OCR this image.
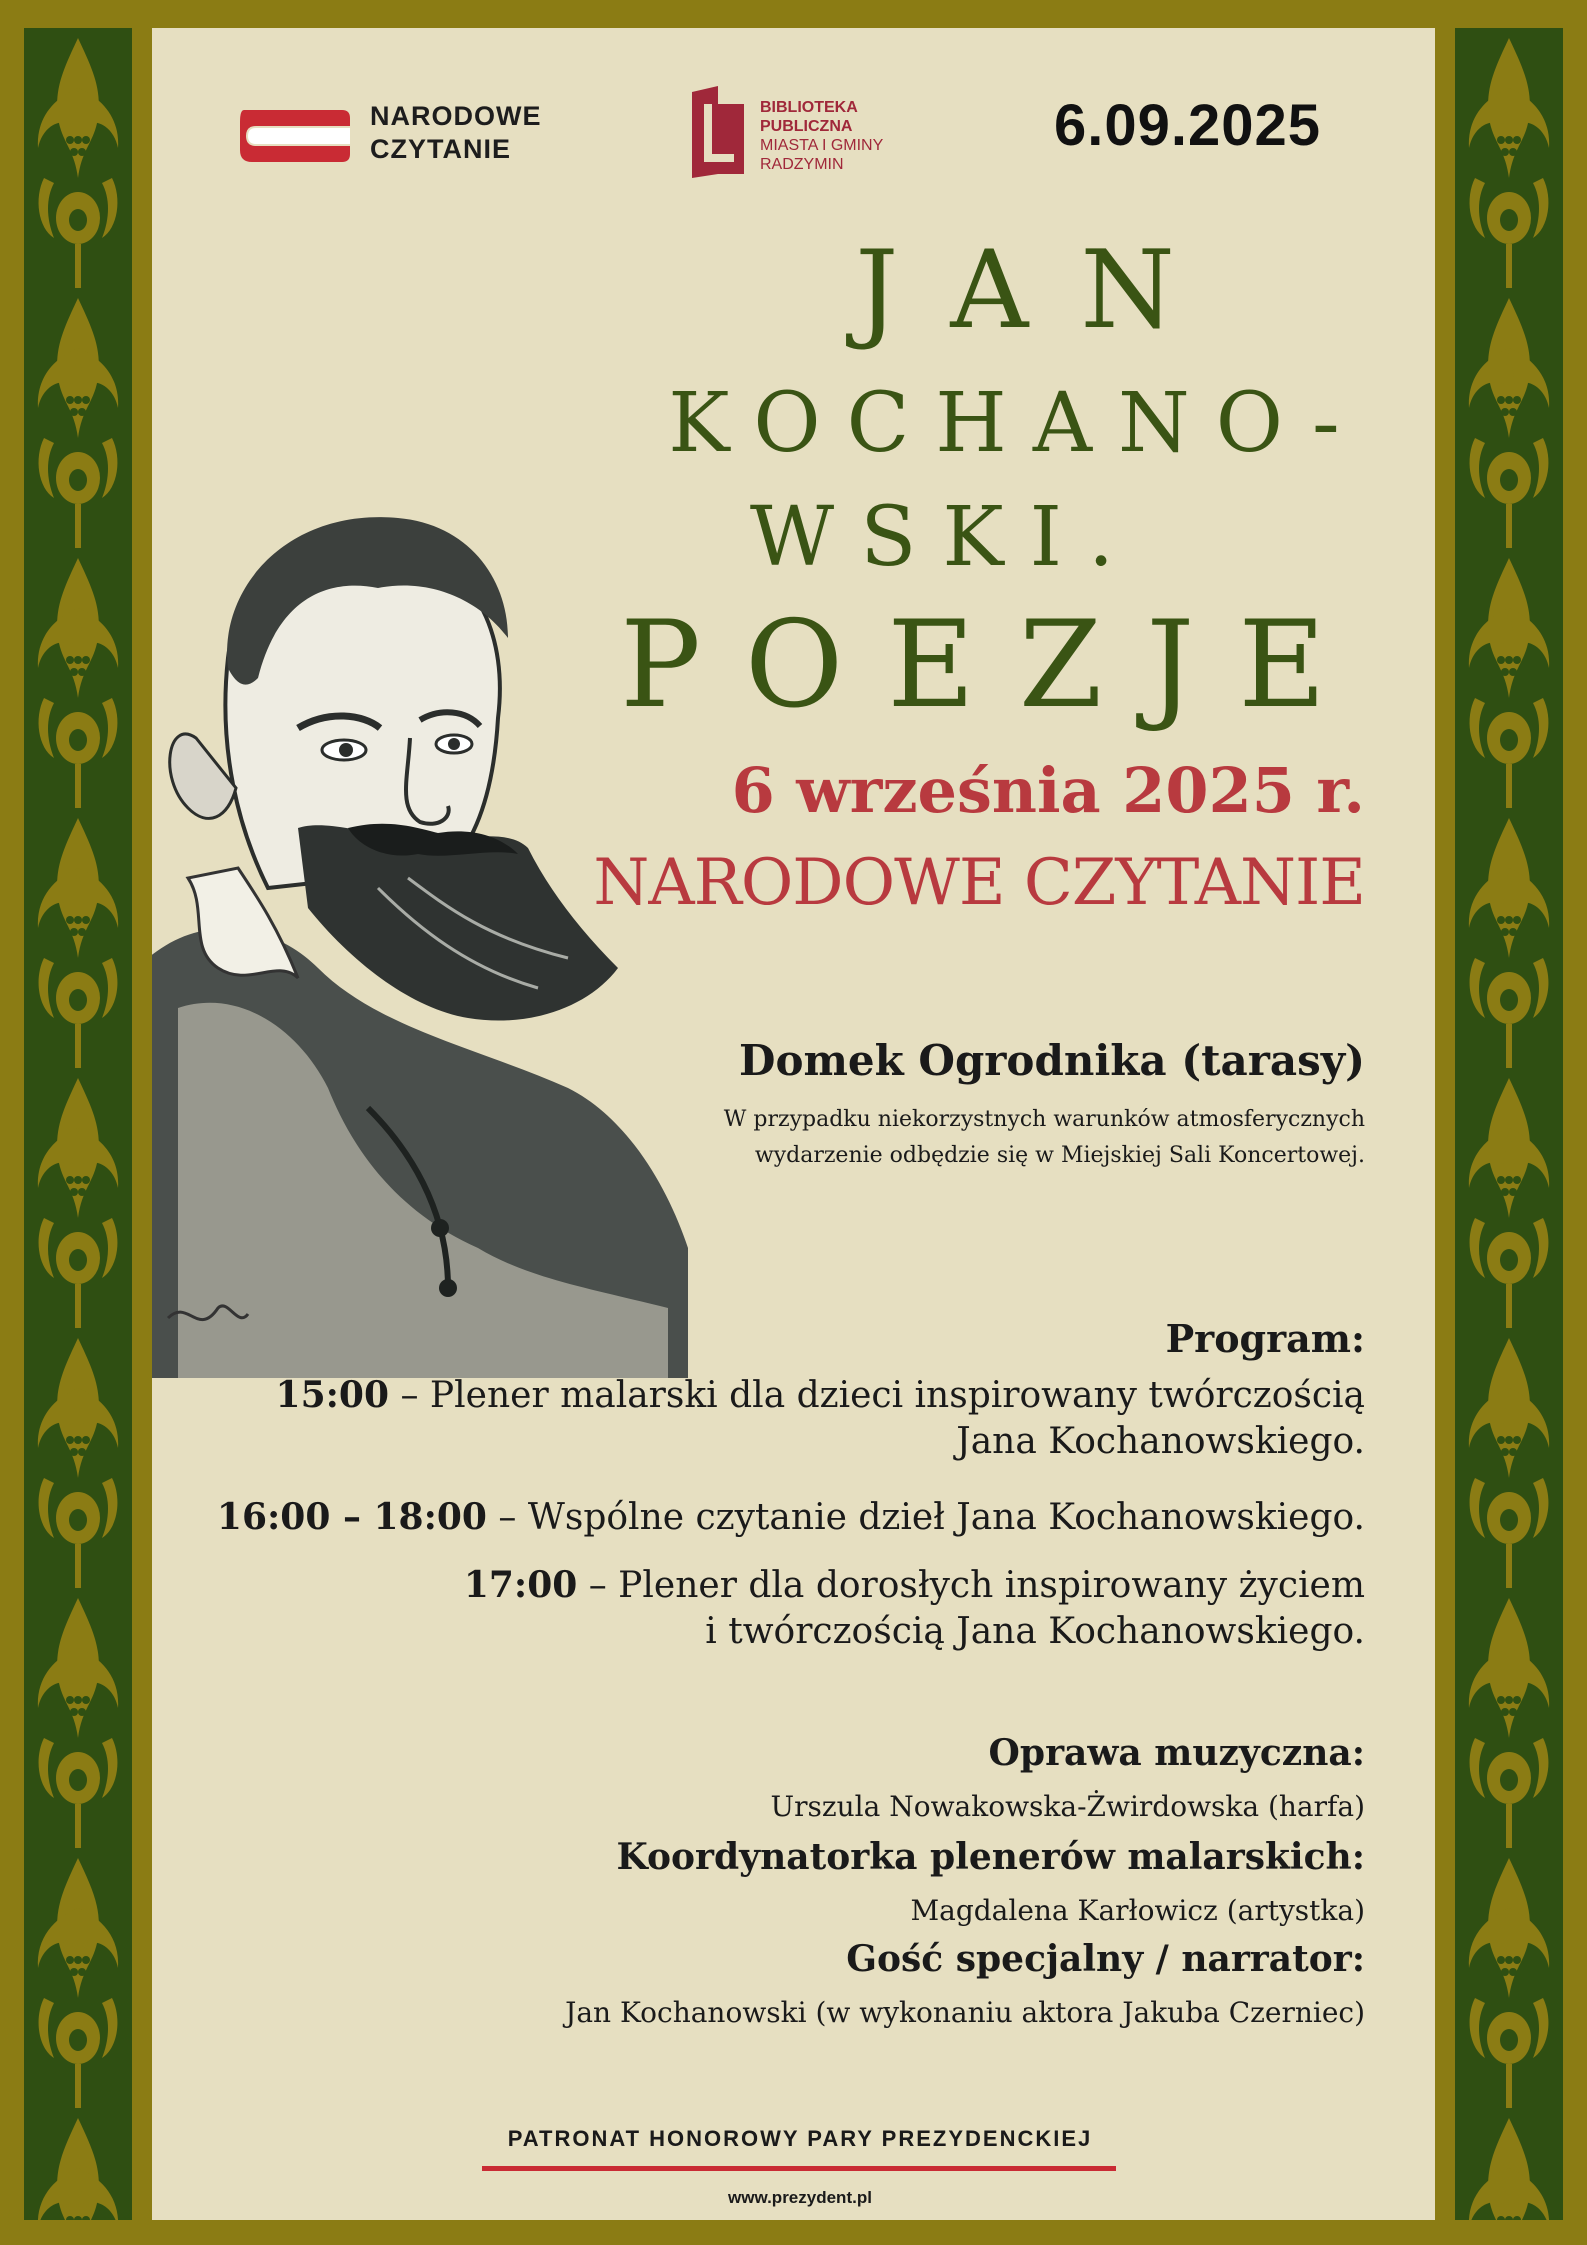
NARODOWE
CZYTANIE
BIBLIOTEKA
PUBLICZNA
MIASTA I GMINY
RADZYMIN
6.09.2025
JAN
KOCHANO-
WSKI.
POEZJE
6 września 2025 r.
NARODOWE CZYTANIE
Domek Ogrodnika (tarasy)
W przypadku niekorzystnych warunków atmosferycznych
wydarzenie odbędzie się w Miejskiej Sali Koncertowej.
Program:
15:00 – Plener malarski dla dzieci inspirowany twórczością
Jana Kochanowskiego.
16:00 – 18:00 – Wspólne czytanie dzieł Jana Kochanowskiego.
17:00 – Plener dla dorosłych inspirowany życiem
i twórczością Jana Kochanowskiego.
Oprawa muzyczna:
Urszula Nowakowska-Żwirdowska (harfa)
Koordynatorka plenerów malarskich:
Magdalena Karłowicz (artystka)
Gość specjalny / narrator:
Jan Kochanowski (w wykonaniu aktora Jakuba Czerniec)
PATRONAT HONOROWY PARY PREZYDENCKIEJ
www.prezydent.pl
